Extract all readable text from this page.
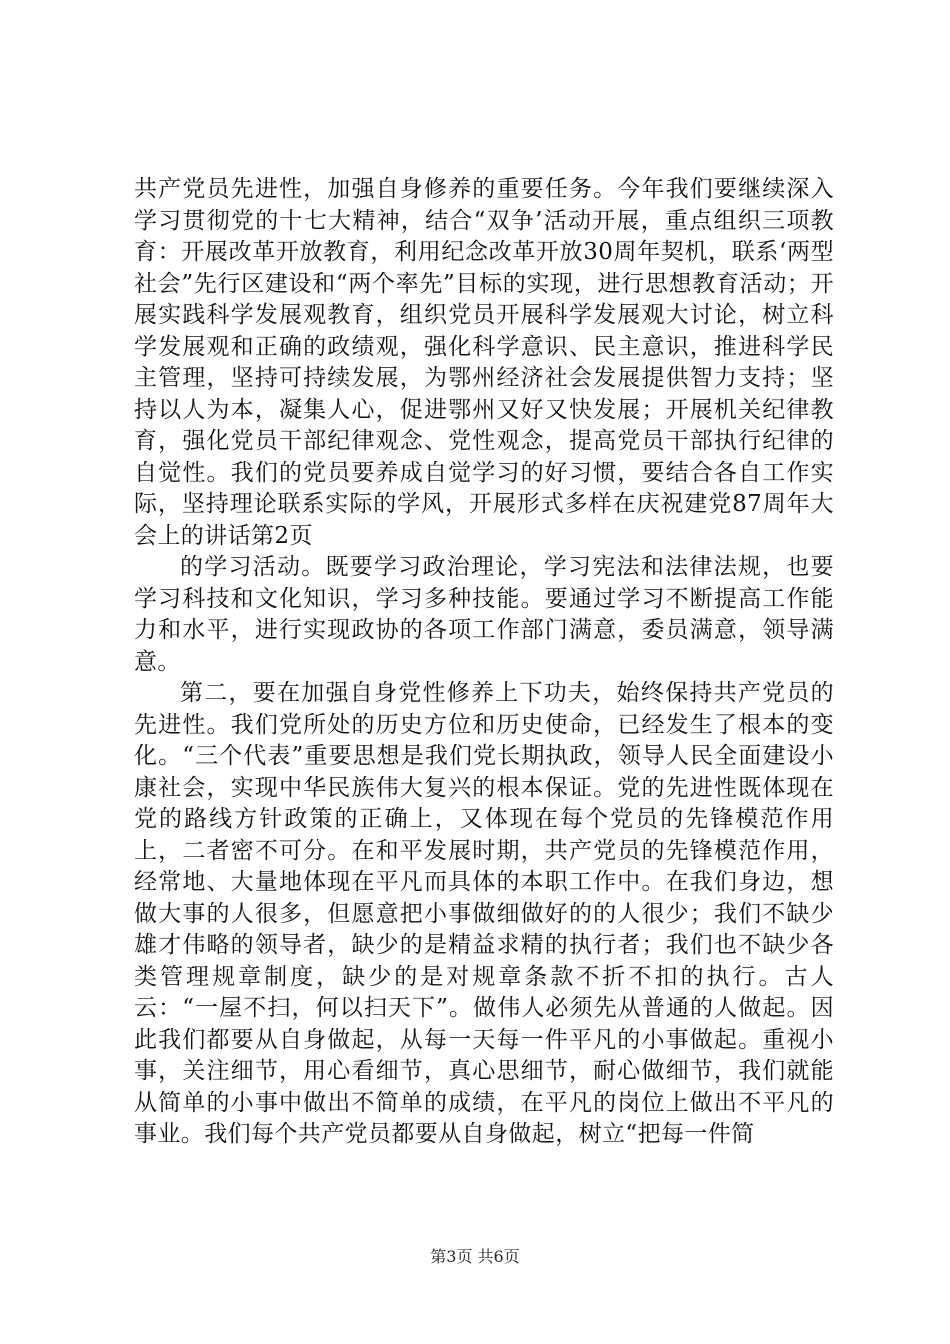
共产党员先进性，加强自身修养的重要任务。今年我们要继续深入学习贯彻党的十七大精神，结合“双争’活动开展，重点组织三项教育：开展改革开放教育，利用纪念改革开放30周年契机，联系‘两型社会”先行区建设和“两个率先”目标的实现，进行思想教育活动；开展实践科学发展观教育，组织党员开展科学发展观大讨论，树立科学发展观和正确的政绩观，强化科学意识、民主意识，推进科学民主管理，坚持可持续发展，为鄂州经济社会发展提供智力支持；坚持以人为本，凝集人心，促进鄂州又好又快发展；开展机关纪律教育，强化党员干部纪律观念、党性观念，提高党员干部执行纪律的自觉性。我们的党员要养成自觉学习的好习惯，要结合各自工作实际，坚持理论联系实际的学风，开展形式多样在庆祝建党87周年大会上的讲话第2页

的学习活动。既要学习政治理论，学习宪法和法律法规，也要学习科技和文化知识，学习多种技能。要通过学习不断提高工作能力和水平，进行实现政协的各项工作部门满意，委员满意，领导满意。

第二，要在加强自身党性修养上下功夫，始终保持共产党员的先进性。我们党所处的历史方位和历史使命，已经发生了根本的变化。“三个代表”重要思想是我们党长期执政，领导人民全面建设小康社会，实现中华民族伟大复兴的根本保证。党的先进性既体现在党的路线方针政策的正确上，又体现在每个党员的先锋模范作用上，二者密不可分。在和平发展时期，共产党员的先锋模范作用，经常地、大量地体现在平凡而具体的本职工作中。在我们身边，想做大事的人很多，但愿意把小事做细做好的的人很少；我们不缺少雄才伟略的领导者，缺少的是精益求精的执行者；我们也不缺少各类管理规章制度，缺少的是对规章条款不折不扣的执行。古人云：“一屋不扫，何以扫天下”。做伟人必须先从普通的人做起。因此我们都要从自身做起，从每一天每一件平凡的小事做起。重视小事，关注细节，用心看细节，真心思细节，耐心做细节，我们就能从简单的小事中做出不简单的成绩，在平凡的岗位上做出不平凡的事业。我们每个共产党员都要从自身做起，树立“把每一件简

第3页 共6页
